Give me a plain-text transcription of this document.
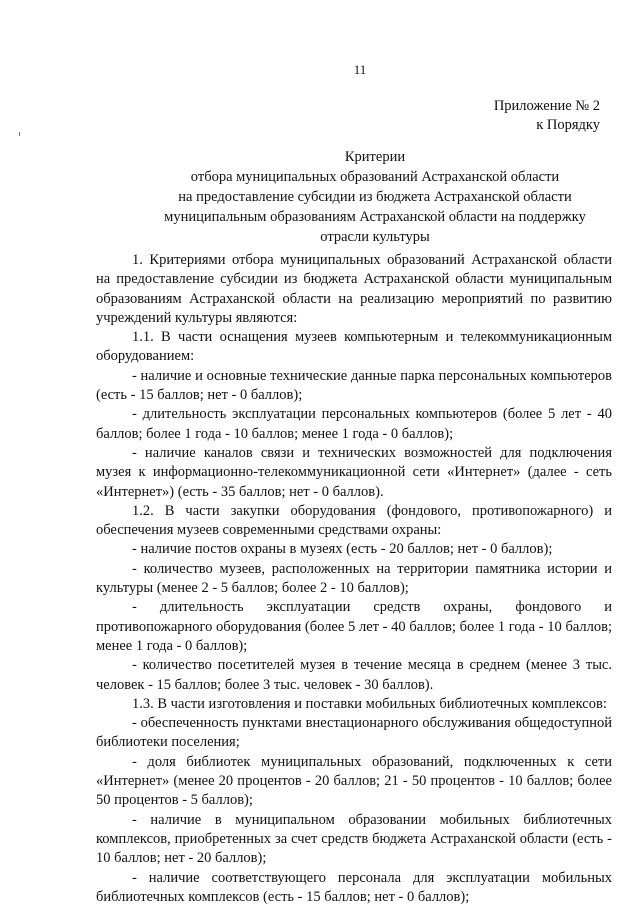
11
Приложение № 2
к Порядку
Критерии
отбора муниципальных образований Астраханской области
на предоставление субсидии из бюджета Астраханской области
муниципальным образованиям Астраханской области на поддержку
отрасли культуры

1. Критериями отбора муниципальных образований Астраханской области на предоставление субсидии из бюджета Астраханской области муниципальным образованиям Астраханской области на реализацию мероприятий по развитию учреждений культуры являются:

1.1. В части оснащения музеев компьютерным и телекоммуникационным оборудованием:

- наличие и основные технические данные парка персональных компьютеров (есть - 15 баллов; нет - 0 баллов);

- длительность эксплуатации персональных компьютеров (более 5 лет - 40 баллов; более 1 года - 10 баллов; менее 1 года - 0 баллов);

- наличие каналов связи и технических возможностей для подключения музея к информационно-телекоммуникационной сети «Интернет» (далее - сеть «Интернет») (есть - 35 баллов; нет - 0 баллов).

1.2. В части закупки оборудования (фондового, противопожарного) и обеспечения музеев современными средствами охраны:

- наличие постов охраны в музеях (есть - 20 баллов; нет - 0 баллов);

- количество музеев, расположенных на территории памятника истории и культуры (менее 2 - 5 баллов; более 2 - 10 баллов);

- длительность эксплуатации средств охраны, фондового и противопожарного оборудования (более 5 лет - 40 баллов; более 1 года - 10 баллов; менее 1 года - 0 баллов);

- количество посетителей музея в течение месяца в среднем (менее 3 тыс. человек - 15 баллов; более 3 тыс. человек - 30 баллов).

1.3. В части изготовления и поставки мобильных библиотечных комплексов:

- обеспеченность пунктами внестационарного обслуживания общедоступной библиотеки поселения;

- доля библиотек муниципальных образований, подключенных к сети «Интернет» (менее 20 процентов - 20 баллов; 21 - 50 процентов - 10 баллов; более 50 процентов - 5 баллов);

- наличие в муниципальном образовании мобильных библиотечных комплексов, приобретенных за счет средств бюджета Астраханской области (есть - 10 баллов; нет - 20 баллов);

- наличие соответствующего персонала для эксплуатации мобильных библиотечных комплексов (есть - 15 баллов; нет - 0 баллов);
